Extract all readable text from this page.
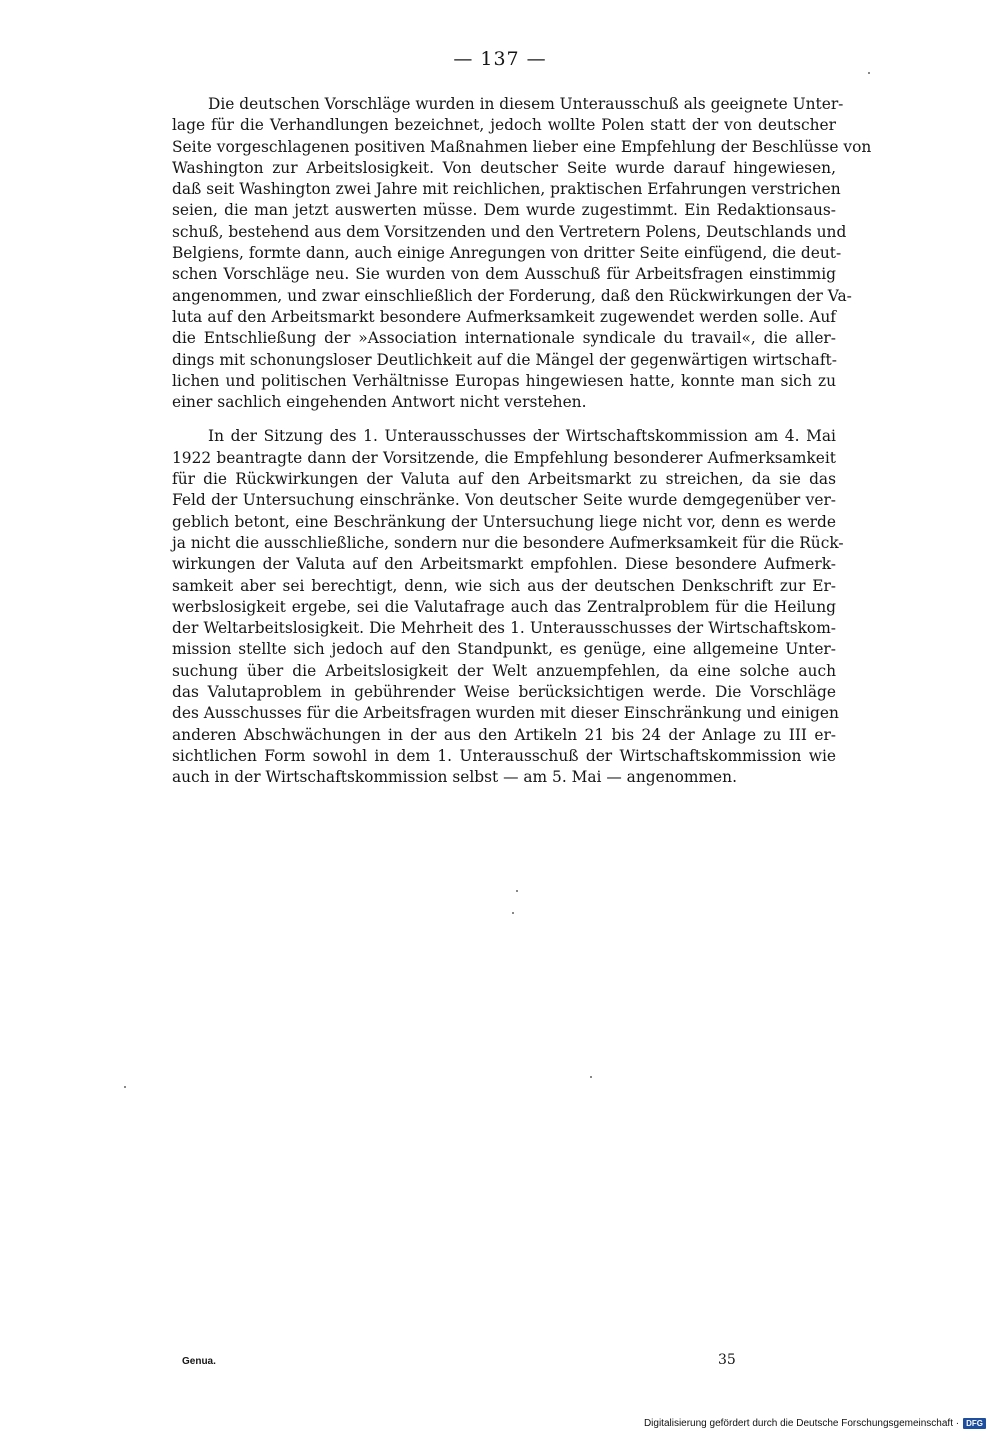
— 137 —
Die deutschen Vorschläge wurden in diesem Unterausschuß als geeignete Unter-
lage für die Verhandlungen bezeichnet, jedoch wollte Polen statt der von deutscher
Seite vorgeschlagenen positiven Maßnahmen lieber eine Empfehlung der Beschlüsse von
Washington zur Arbeitslosigkeit. Von deutscher Seite wurde darauf hingewiesen,
daß seit Washington zwei Jahre mit reichlichen, praktischen Erfahrungen verstrichen
seien, die man jetzt auswerten müsse. Dem wurde zugestimmt. Ein Redaktionsaus-
schuß, bestehend aus dem Vorsitzenden und den Vertretern Polens, Deutschlands und
Belgiens, formte dann, auch einige Anregungen von dritter Seite einfügend, die deut-
schen Vorschläge neu. Sie wurden von dem Ausschuß für Arbeitsfragen einstimmig
angenommen, und zwar einschließlich der Forderung, daß den Rückwirkungen der Va-
luta auf den Arbeitsmarkt besondere Aufmerksamkeit zugewendet werden solle. Auf
die Entschließung der »Association internationale syndicale du travail«, die aller-
dings mit schonungsloser Deutlichkeit auf die Mängel der gegenwärtigen wirtschaft-
lichen und politischen Verhältnisse Europas hingewiesen hatte, konnte man sich zu
einer sachlich eingehenden Antwort nicht verstehen.
In der Sitzung des 1. Unterausschusses der Wirtschaftskommission am 4. Mai
1922 beantragte dann der Vorsitzende, die Empfehlung besonderer Aufmerksamkeit
für die Rückwirkungen der Valuta auf den Arbeitsmarkt zu streichen, da sie das
Feld der Untersuchung einschränke. Von deutscher Seite wurde demgegenüber ver-
geblich betont, eine Beschränkung der Untersuchung liege nicht vor, denn es werde
ja nicht die ausschließliche, sondern nur die besondere Aufmerksamkeit für die Rück-
wirkungen der Valuta auf den Arbeitsmarkt empfohlen. Diese besondere Aufmerk-
samkeit aber sei berechtigt, denn, wie sich aus der deutschen Denkschrift zur Er-
werbslosigkeit ergebe, sei die Valutafrage auch das Zentralproblem für die Heilung
der Weltarbeitslosigkeit. Die Mehrheit des 1. Unterausschusses der Wirtschaftskom-
mission stellte sich jedoch auf den Standpunkt, es genüge, eine allgemeine Unter-
suchung über die Arbeitslosigkeit der Welt anzuempfehlen, da eine solche auch
das Valutaproblem in gebührender Weise berücksichtigen werde. Die Vorschläge
des Ausschusses für die Arbeitsfragen wurden mit dieser Einschränkung und einigen
anderen Abschwächungen in der aus den Artikeln 21 bis 24 der Anlage zu III er-
sichtlichen Form sowohl in dem 1. Unterausschuß der Wirtschaftskommission wie
auch in der Wirtschaftskommission selbst — am 5. Mai — angenommen.
Genua.	35
Digitalisierung gefördert durch die Deutsche Forschungsgemeinschaft · DFG
